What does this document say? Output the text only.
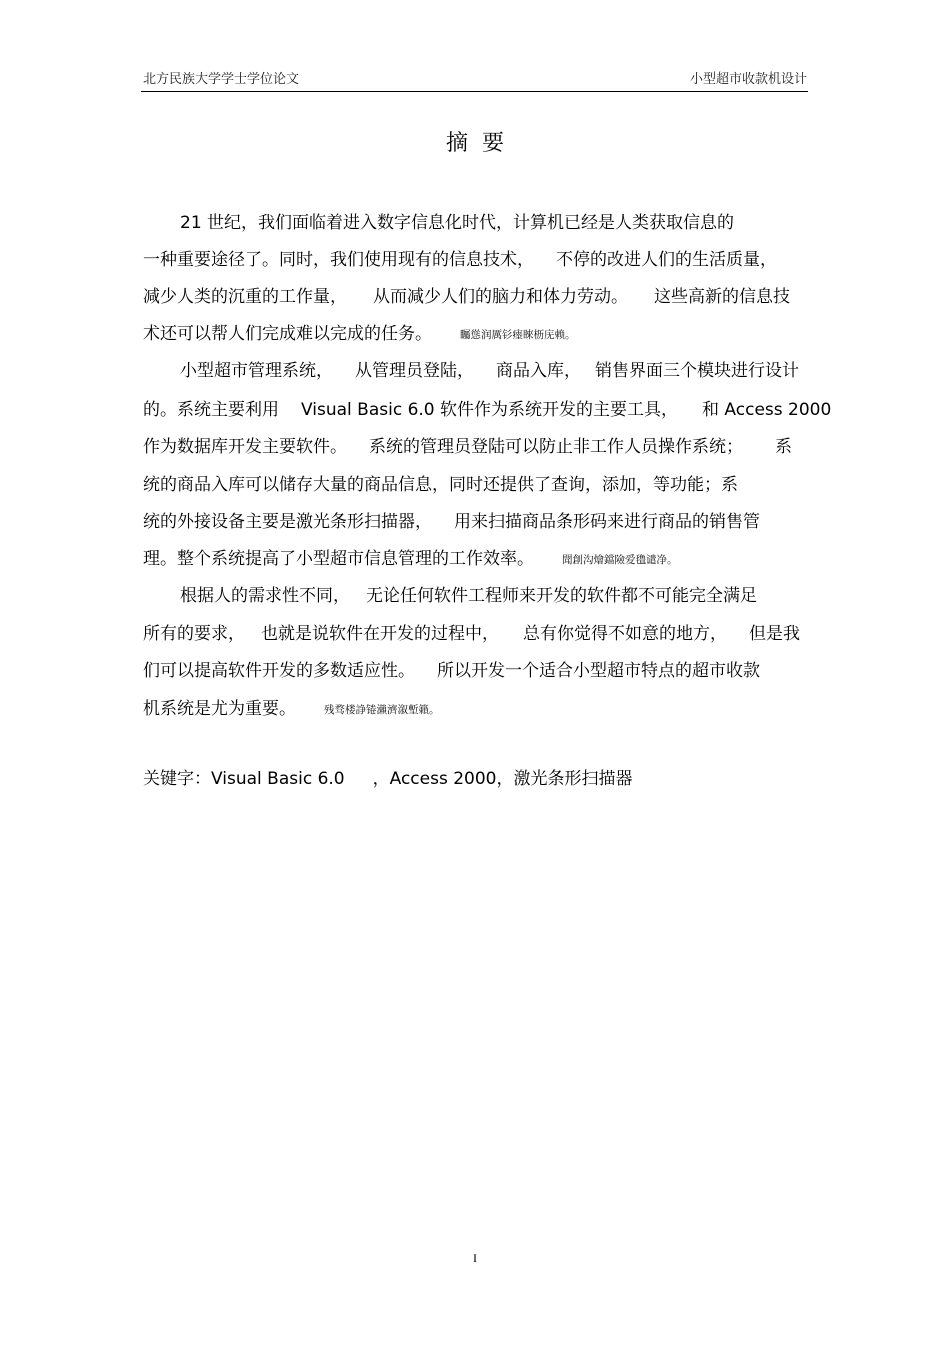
北方民族大学学士学位论文	小型超市收款机设计
摘要
21 世纪，我们面临着进入数字信息化时代，计算机已经是人类获取信息的
一种重要途径了。同时，我们使用现有的信息技术， 不停的改进人们的生活质量，
减少人类的沉重的工作量， 从而减少人们的脑力和体力劳动。 这些高新的信息技
术还可以帮人们完成难以完成的任务。	矚慫润厲钐瘗睞枥庑赖。
小型超市管理系统， 从管理员登陆， 商品入库， 销售界面三个模块进行设计
的。系统主要利用 Visual Basic 6.0 软件作为系统开发的主要工具， 和 Access 2000
作为数据库开发主要软件。 系统的管理员登陆可以防止非工作人员操作系统； 系
统的商品入库可以储存大量的商品信息，同时还提供了查询，添加，等功能；系
统的外接设备主要是激光条形扫描器， 用来扫描商品条形码来进行商品的销售管
理。整个系统提高了小型超市信息管理的工作效率。	聞創沟燴鐺險爱氇谴净。
根据人的需求性不同， 无论任何软件工程师来开发的软件都不可能完全满足
所有的要求， 也就是说软件在开发的过程中， 总有你觉得不如意的地方， 但是我
们可以提高软件开发的多数适应性。 所以开发一个适合小型超市特点的超市收款
机系统是尤为重要。	残骛楼諍锩瀨濟溆塹籟。
关键字：Visual Basic 6.0 ，Access 2000，激光条形扫描器
I
